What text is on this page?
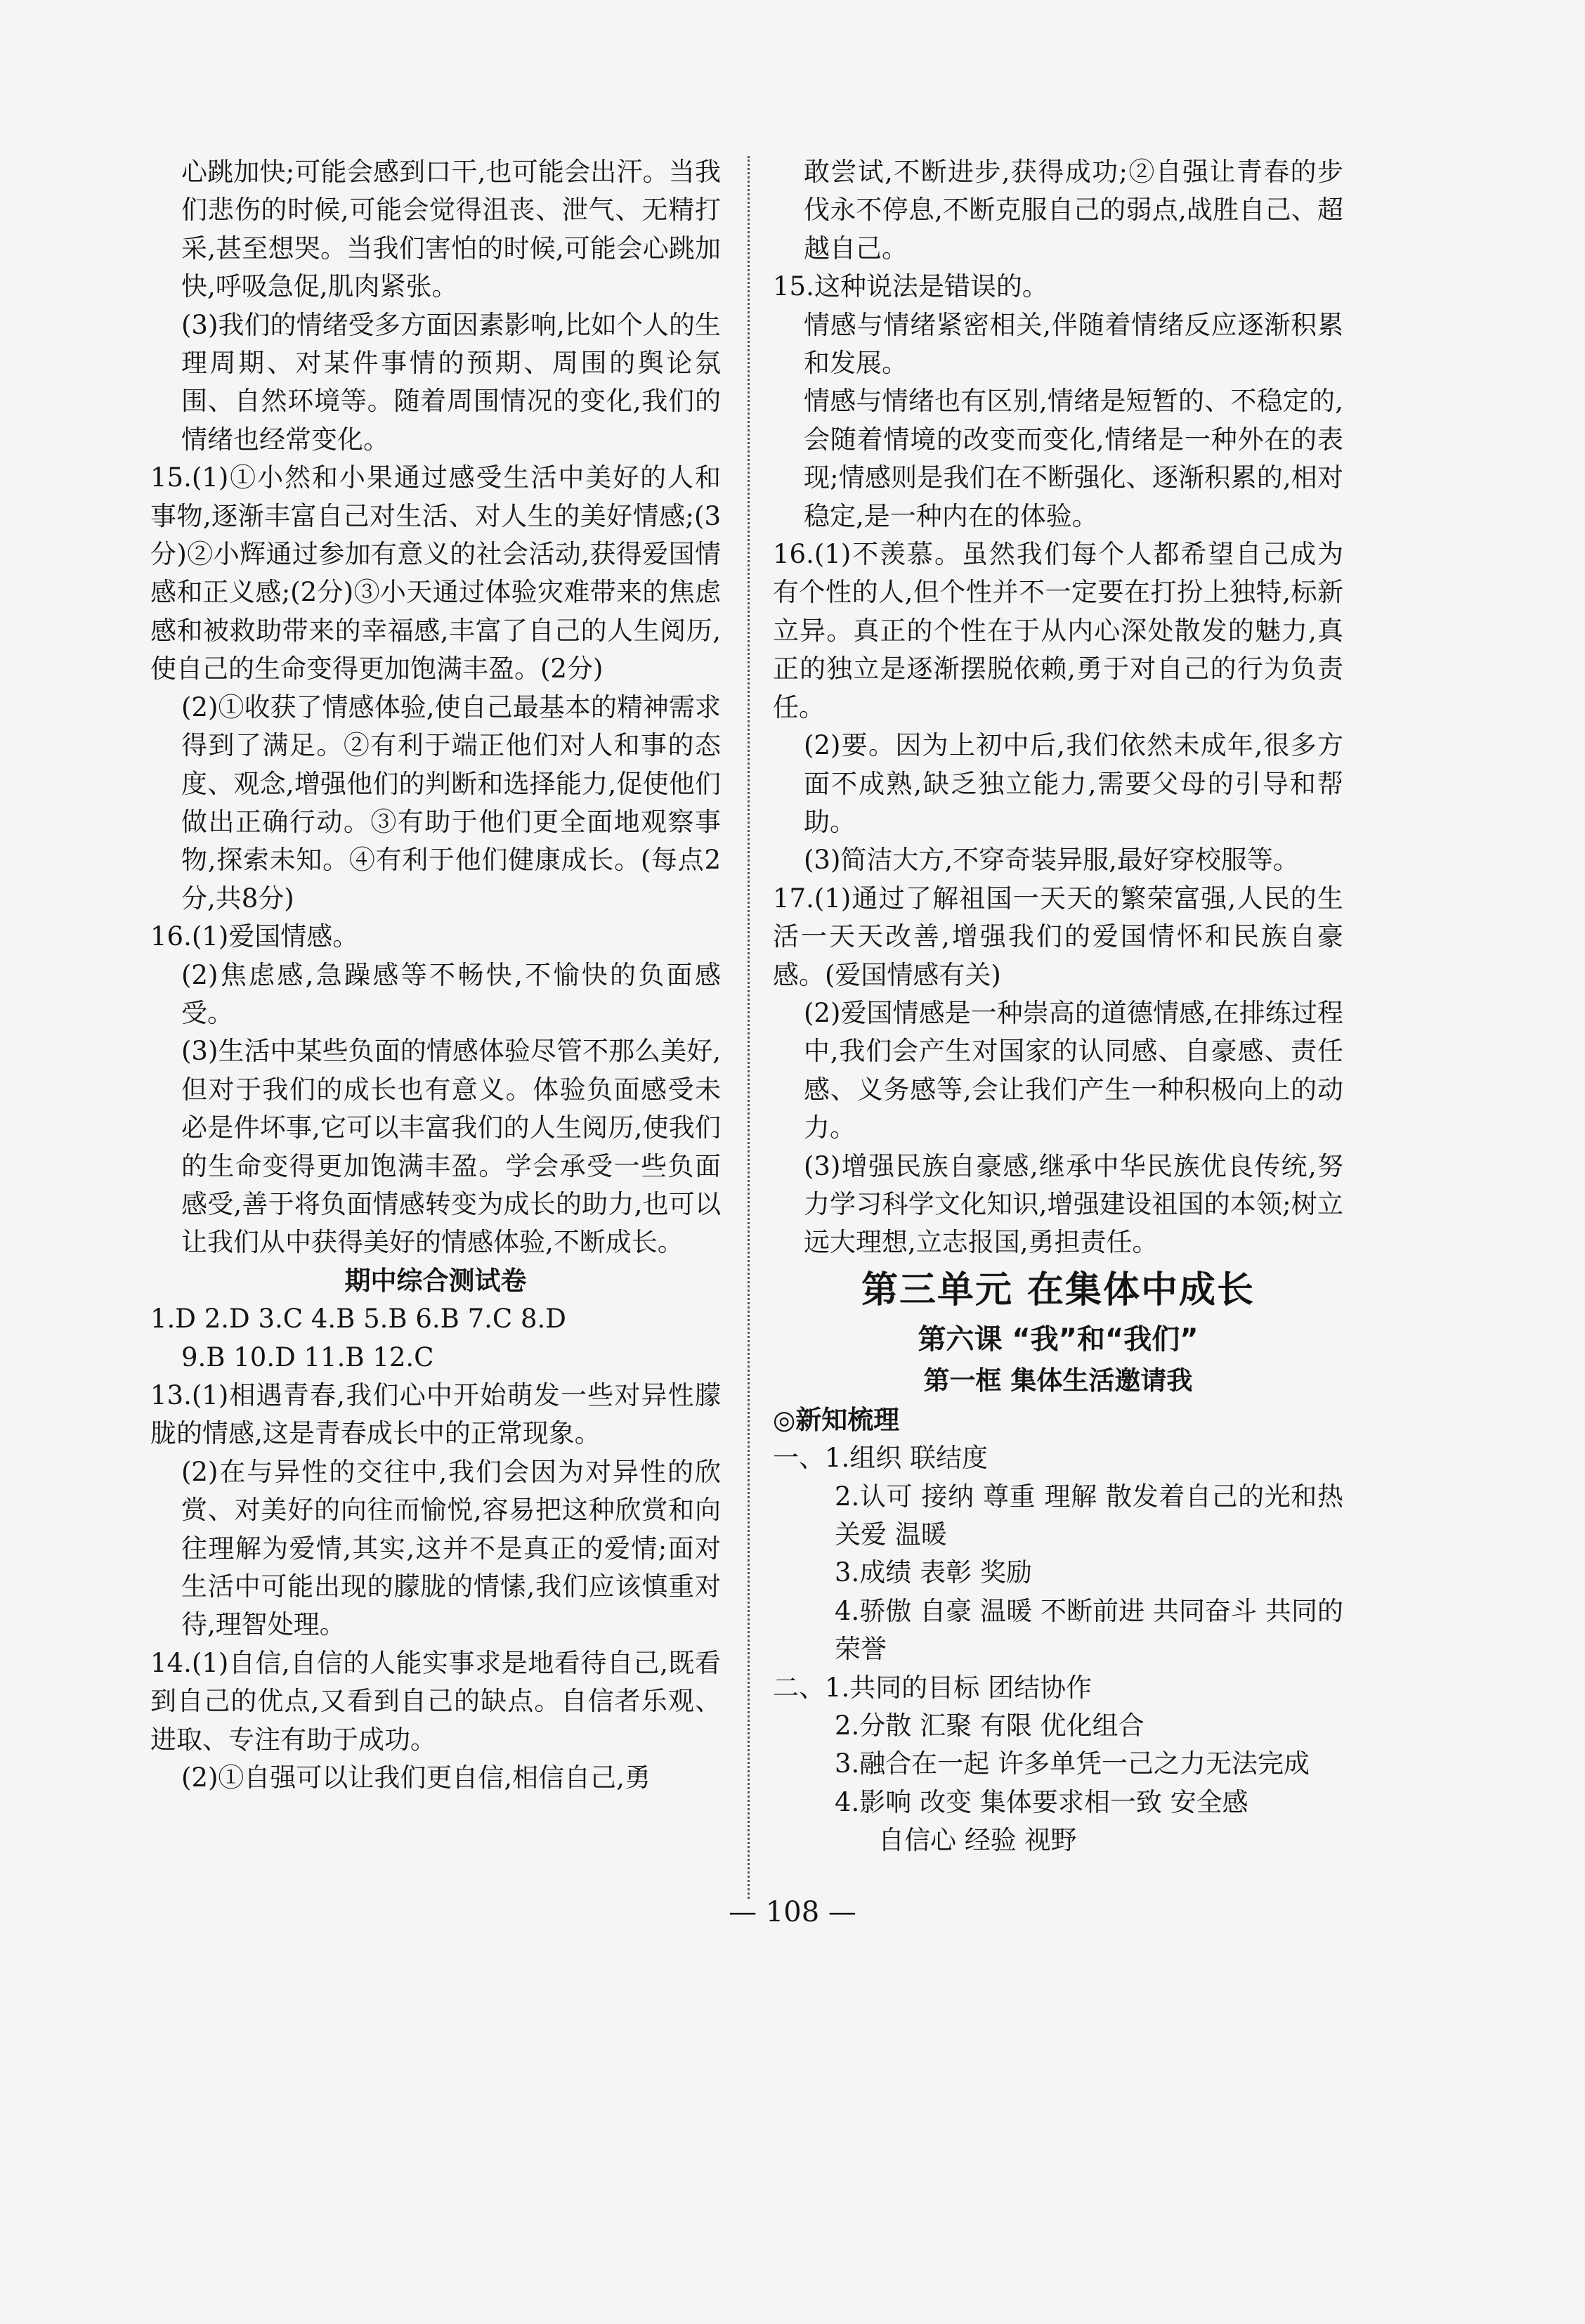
心跳加快;可能会感到口干,也可能会出汗。当我们悲伤的时候,可能会觉得沮丧、泄气、无精打采,甚至想哭。当我们害怕的时候,可能会心跳加快,呼吸急促,肌肉紧张。

(3)我们的情绪受多方面因素影响,比如个人的生理周期、对某件事情的预期、周围的舆论氛围、自然环境等。随着周围情况的变化,我们的情绪也经常变化。

15.(1)①小然和小果通过感受生活中美好的人和事物,逐渐丰富自己对生活、对人生的美好情感;(3分)②小辉通过参加有意义的社会活动,获得爱国情感和正义感;(2分)③小天通过体验灾难带来的焦虑感和被救助带来的幸福感,丰富了自己的人生阅历,使自己的生命变得更加饱满丰盈。(2分)

(2)①收获了情感体验,使自己最基本的精神需求得到了满足。②有利于端正他们对人和事的态度、观念,增强他们的判断和选择能力,促使他们做出正确行动。③有助于他们更全面地观察事物,探索未知。④有利于他们健康成长。(每点2分,共8分)

16.(1)爱国情感。

(2)焦虑感,急躁感等不畅快,不愉快的负面感受。

(3)生活中某些负面的情感体验尽管不那么美好,但对于我们的成长也有意义。体验负面感受未必是件坏事,它可以丰富我们的人生阅历,使我们的生命变得更加饱满丰盈。学会承受一些负面感受,善于将负面情感转变为成长的助力,也可以让我们从中获得美好的情感体验,不断成长。

期中综合测试卷

1.D 2.D 3.C 4.B 5.B 6.B 7.C 8.D

9.B 10.D 11.B 12.C

13.(1)相遇青春,我们心中开始萌发一些对异性朦胧的情感,这是青春成长中的正常现象。

(2)在与异性的交往中,我们会因为对异性的欣赏、对美好的向往而愉悦,容易把这种欣赏和向往理解为爱情,其实,这并不是真正的爱情;面对生活中可能出现的朦胧的情愫,我们应该慎重对待,理智处理。

14.(1)自信,自信的人能实事求是地看待自己,既看到自己的优点,又看到自己的缺点。自信者乐观、进取、专注有助于成功。

(2)①自强可以让我们更自信,相信自己,勇

敢尝试,不断进步,获得成功;②自强让青春的步伐永不停息,不断克服自己的弱点,战胜自己、超越自己。

15.这种说法是错误的。

情感与情绪紧密相关,伴随着情绪反应逐渐积累和发展。

情感与情绪也有区别,情绪是短暂的、不稳定的,会随着情境的改变而变化,情绪是一种外在的表现;情感则是我们在不断强化、逐渐积累的,相对稳定,是一种内在的体验。

16.(1)不羡慕。虽然我们每个人都希望自己成为有个性的人,但个性并不一定要在打扮上独特,标新立异。真正的个性在于从内心深处散发的魅力,真正的独立是逐渐摆脱依赖,勇于对自己的行为负责任。

(2)要。因为上初中后,我们依然未成年,很多方面不成熟,缺乏独立能力,需要父母的引导和帮助。

(3)简洁大方,不穿奇装异服,最好穿校服等。

17.(1)通过了解祖国一天天的繁荣富强,人民的生活一天天改善,增强我们的爱国情怀和民族自豪感。(爱国情感有关)

(2)爱国情感是一种崇高的道德情感,在排练过程中,我们会产生对国家的认同感、自豪感、责任感、义务感等,会让我们产生一种积极向上的动力。

(3)增强民族自豪感,继承中华民族优良传统,努力学习科学文化知识,增强建设祖国的本领;树立远大理想,立志报国,勇担责任。

第三单元 在集体中成长

第六课 “我”和“我们”

第一框 集体生活邀请我

◎新知梳理

一、1.组织 联结度

2.认可 接纳 尊重 理解 散发着自己的光和热 关爱 温暖

3.成绩 表彰 奖励

4.骄傲 自豪 温暖 不断前进 共同奋斗 共同的荣誉

二、1.共同的目标 团结协作

2.分散 汇聚 有限 优化组合

3.融合在一起 许多单凭一己之力无法完成

4.影响 改变 集体要求相一致 安全感

自信心 经验 视野

— 108 —
